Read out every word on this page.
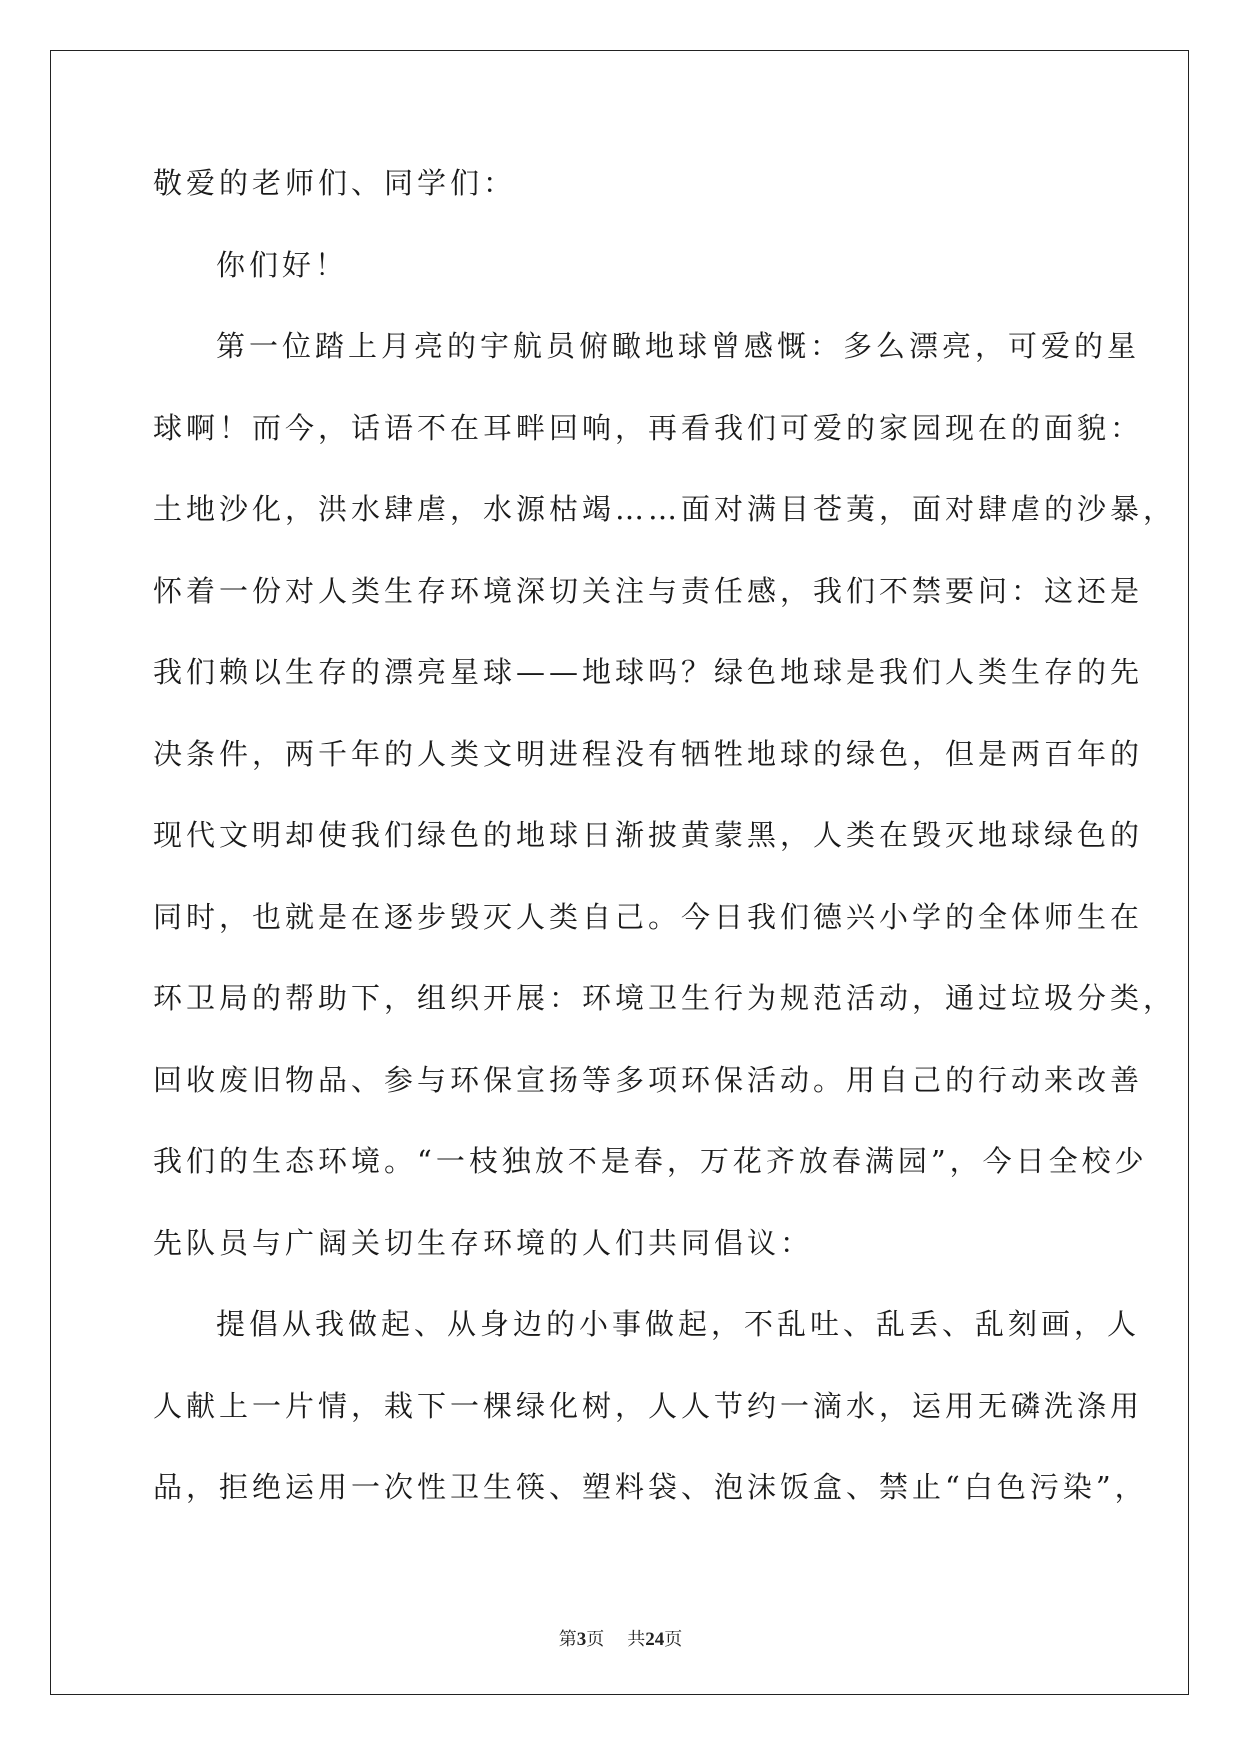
敬爱的老师们、同学们：
你们好！
第一位踏上月亮的宇航员俯瞰地球曾感慨：多么漂亮，可爱的星
球啊！而今，话语不在耳畔回响，再看我们可爱的家园现在的面貌：
土地沙化，洪水肆虐，水源枯竭……面对满目苍荑，面对肆虐的沙暴，
怀着一份对人类生存环境深切关注与责任感，我们不禁要问：这还是
我们赖以生存的漂亮星球——地球吗？绿色地球是我们人类生存的先
决条件，两千年的人类文明进程没有牺牲地球的绿色，但是两百年的
现代文明却使我们绿色的地球日渐披黄蒙黑，人类在毁灭地球绿色的
同时，也就是在逐步毁灭人类自己。今日我们德兴小学的全体师生在
环卫局的帮助下，组织开展：环境卫生行为规范活动，通过垃圾分类，
回收废旧物品、参与环保宣扬等多项环保活动。用自己的行动来改善
我们的生态环境。“一枝独放不是春，万花齐放春满园”，今日全校少
先队员与广阔关切生存环境的人们共同倡议：
提倡从我做起、从身边的小事做起，不乱吐、乱丢、乱刻画，人
人献上一片情，栽下一棵绿化树，人人节约一滴水，运用无磷洗涤用
品，拒绝运用一次性卫生筷、塑料袋、泡沫饭盒、禁止“白色污染”，
第3页 共24页
